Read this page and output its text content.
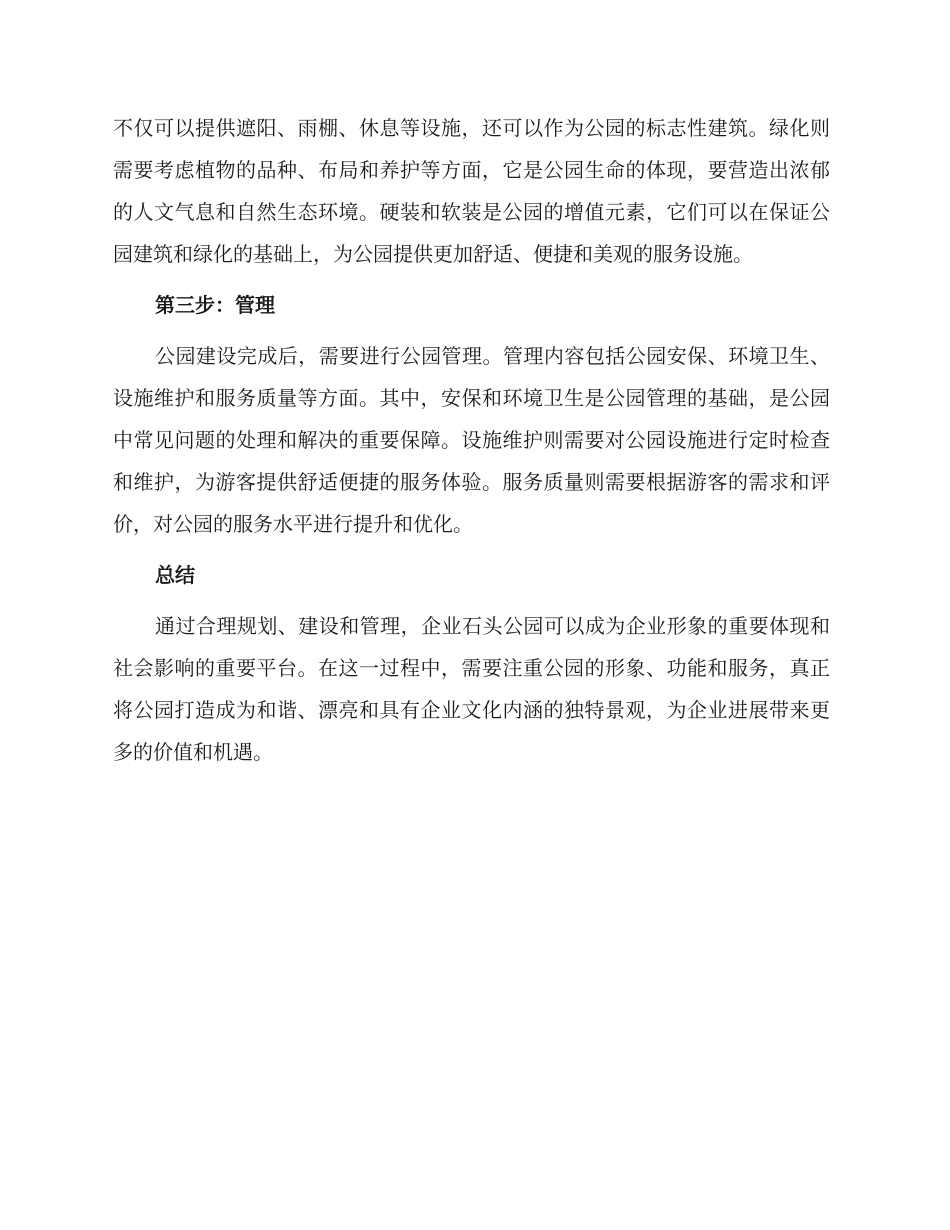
不仅可以提供遮阳、雨棚、休息等设施，还可以作为公园的标志性建筑。绿化则需要考虑植物的品种、布局和养护等方面，它是公园生命的体现，要营造出浓郁的人文气息和自然生态环境。硬装和软装是公园的增值元素，它们可以在保证公园建筑和绿化的基础上，为公园提供更加舒适、便捷和美观的服务设施。

第三步：管理

公园建设完成后，需要进行公园管理。管理内容包括公园安保、环境卫生、设施维护和服务质量等方面。其中，安保和环境卫生是公园管理的基础，是公园中常见问题的处理和解决的重要保障。设施维护则需要对公园设施进行定时检查和维护，为游客提供舒适便捷的服务体验。服务质量则需要根据游客的需求和评价，对公园的服务水平进行提升和优化。

总结

通过合理规划、建设和管理，企业石头公园可以成为企业形象的重要体现和社会影响的重要平台。在这一过程中，需要注重公园的形象、功能和服务，真正将公园打造成为和谐、漂亮和具有企业文化内涵的独特景观，为企业进展带来更多的价值和机遇。
